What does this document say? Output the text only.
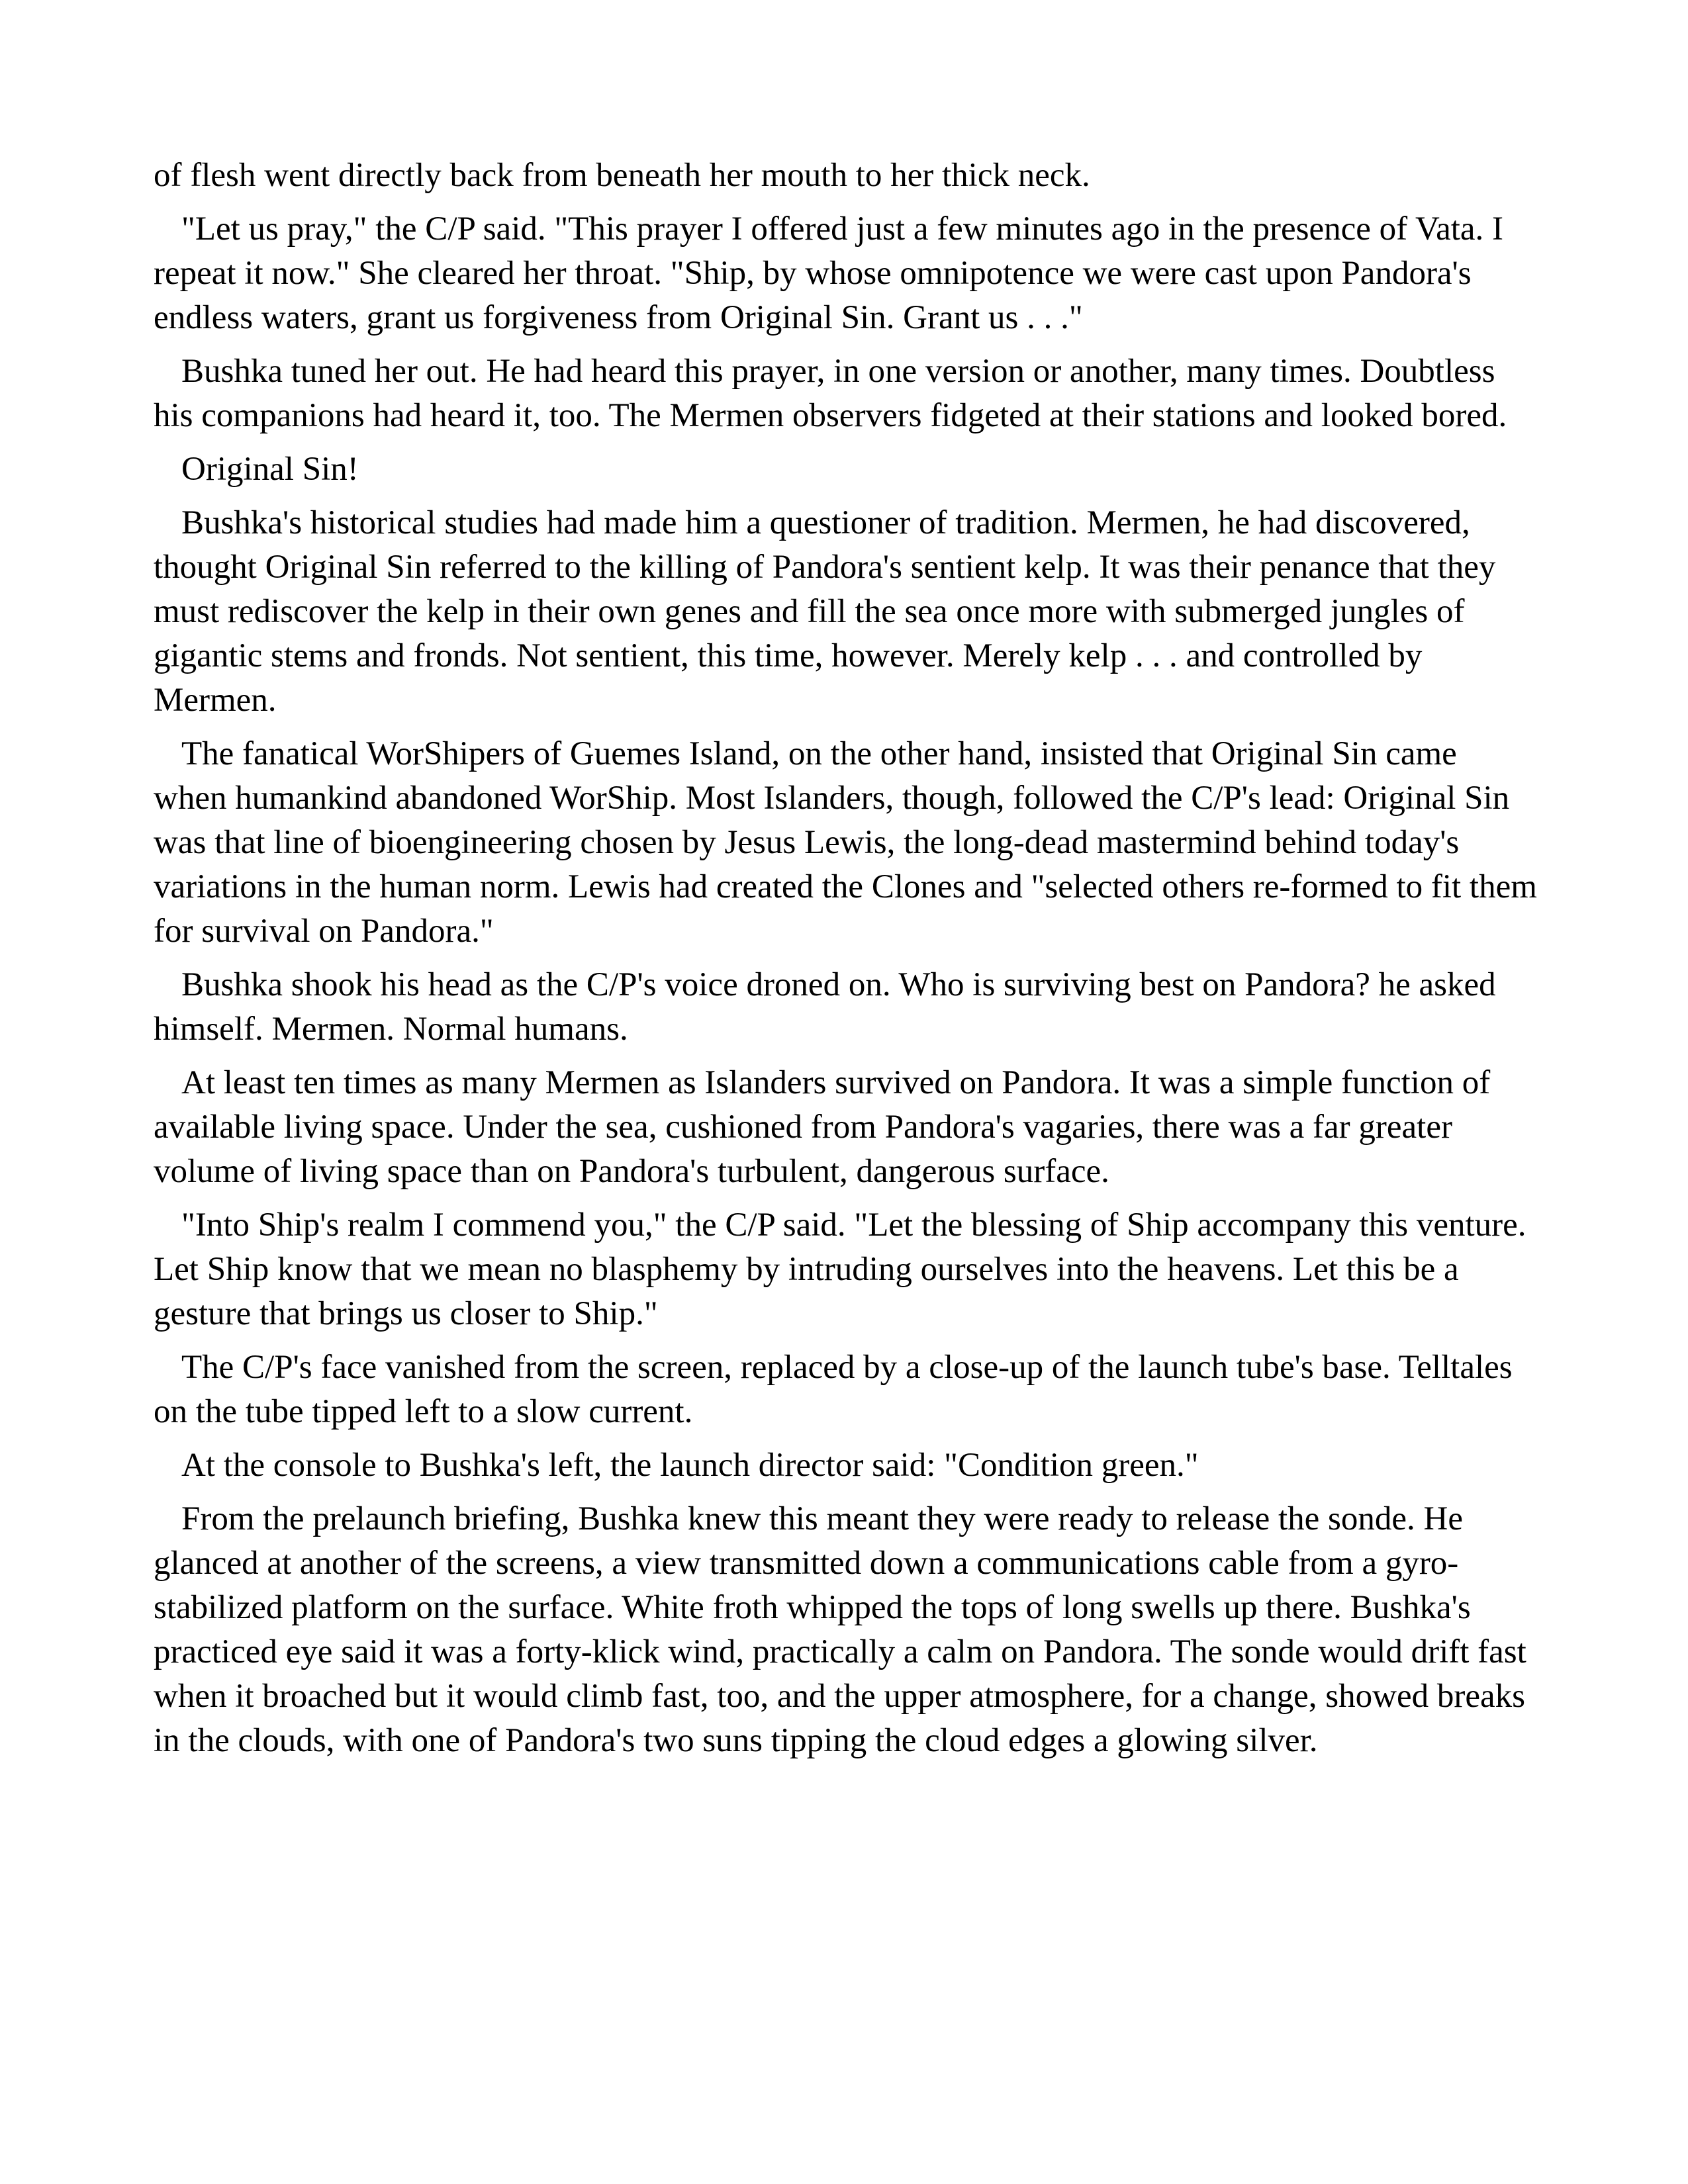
of flesh went directly back from beneath her mouth to her thick neck.

"Let us pray," the C/P said. "This prayer I offered just a few minutes ago in the presence of Vata. I repeat it now." She cleared her throat. "Ship, by whose omnipotence we were cast upon Pandora's endless waters, grant us forgiveness from Original Sin. Grant us . . ."

Bushka tuned her out. He had heard this prayer, in one version or another, many times. Doubtless his companions had heard it, too. The Mermen observers fidgeted at their stations and looked bored.

Original Sin!

Bushka's historical studies had made him a questioner of tradition. Mermen, he had discovered, thought Original Sin referred to the killing of Pandora's sentient kelp. It was their penance that they must rediscover the kelp in their own genes and fill the sea once more with submerged jungles of gigantic stems and fronds. Not sentient, this time, however. Merely kelp . . . and controlled by Mermen.

The fanatical WorShipers of Guemes Island, on the other hand, insisted that Original Sin came when humankind abandoned WorShip. Most Islanders, though, followed the C/P's lead: Original Sin was that line of bioengineering chosen by Jesus Lewis, the long-dead mastermind behind today's variations in the human norm. Lewis had created the Clones and "selected others re-formed to fit them for survival on Pandora."

Bushka shook his head as the C/P's voice droned on. Who is surviving best on Pandora? he asked himself. Mermen. Normal humans.

At least ten times as many Mermen as Islanders survived on Pandora. It was a simple function of available living space. Under the sea, cushioned from Pandora's vagaries, there was a far greater volume of living space than on Pandora's turbulent, dangerous surface.

"Into Ship's realm I commend you," the C/P said. "Let the blessing of Ship accompany this venture. Let Ship know that we mean no blasphemy by intruding ourselves into the heavens. Let this be a gesture that brings us closer to Ship."

The C/P's face vanished from the screen, replaced by a close-up of the launch tube's base. Telltales on the tube tipped left to a slow current.

At the console to Bushka's left, the launch director said: "Condition green."

From the prelaunch briefing, Bushka knew this meant they were ready to release the sonde. He glanced at another of the screens, a view transmitted down a communications cable from a gyro-stabilized platform on the surface. White froth whipped the tops of long swells up there. Bushka's practiced eye said it was a forty-klick wind, practically a calm on Pandora. The sonde would drift fast when it broached but it would climb fast, too, and the upper atmosphere, for a change, showed breaks in the clouds, with one of Pandora's two suns tipping the cloud edges a glowing silver.
